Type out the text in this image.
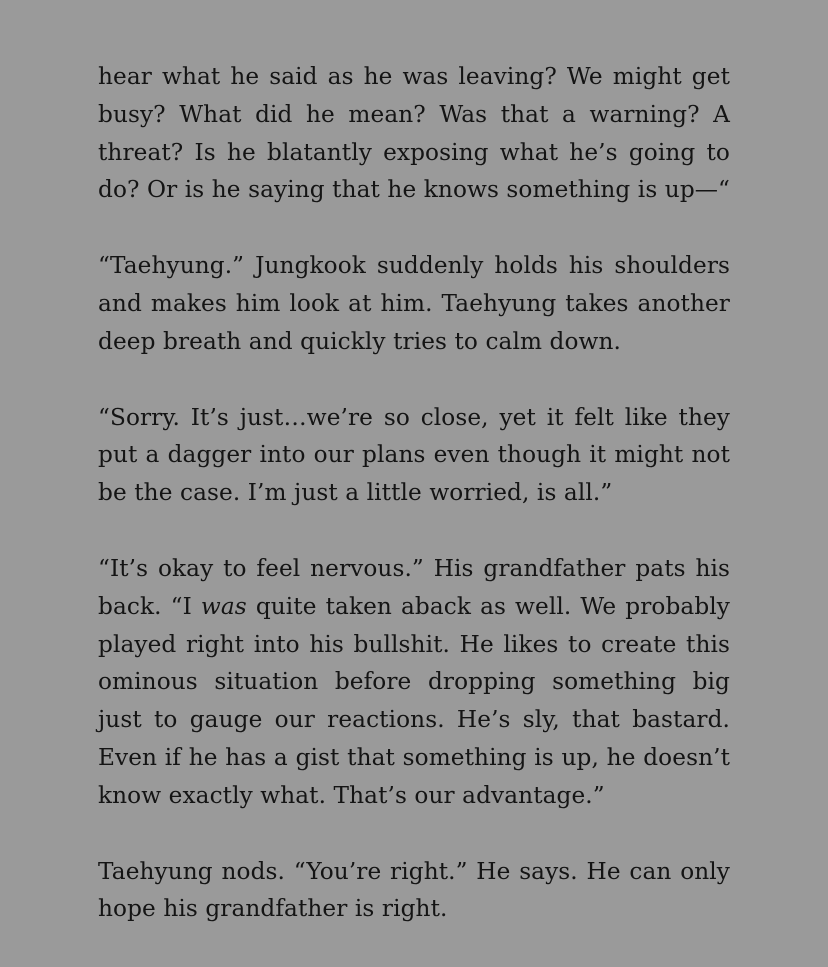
hear what he said as he was leaving? We might get
busy? What did he mean? Was that a warning? A
threat? Is he blatantly exposing what he’s going to
do? Or is he saying that he knows something is up—“
“Taehyung.” Jungkook suddenly holds his shoulders
and makes him look at him. Taehyung takes another
deep breath and quickly tries to calm down.
“Sorry. It’s just…we’re so close, yet it felt like they
put a dagger into our plans even though it might not
be the case. I’m just a little worried, is all.”
“It’s okay to feel nervous.” His grandfather pats his
back. “I was quite taken aback as well. We probably
played right into his bullshit. He likes to create this
ominous situation before dropping something big
just to gauge our reactions. He’s sly, that bastard.
Even if he has a gist that something is up, he doesn’t
know exactly what. That’s our advantage.”
Taehyung nods. “You’re right.” He says. He can only
hope his grandfather is right.
